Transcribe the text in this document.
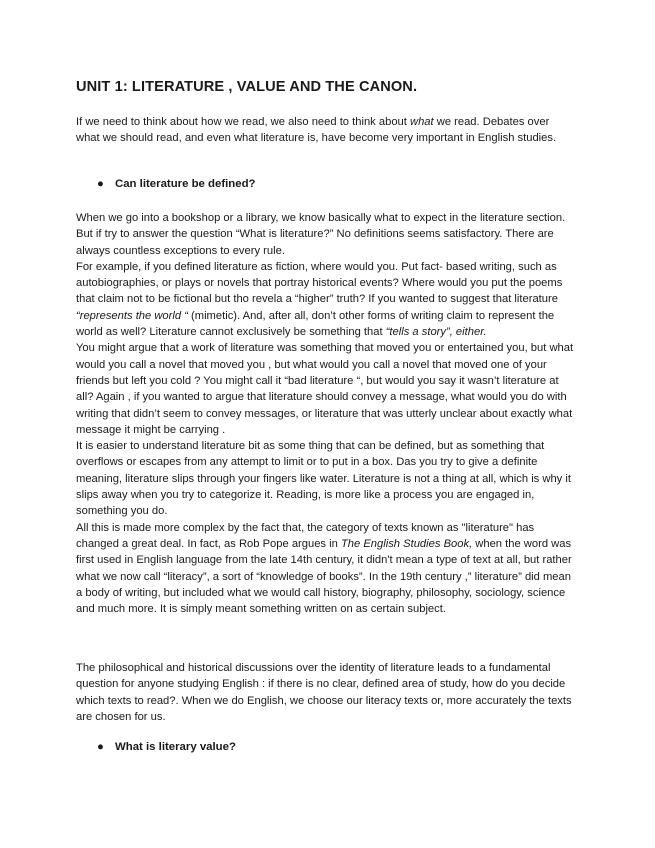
UNIT 1: LITERATURE , VALUE AND THE CANON.

If we need to think about how we read, we also need to think about what we read. Debates over what we should read, and even what literature is, have become very important in English studies.

● Can literature be defined?

When we go into a bookshop or a library, we know basically what to expect in the literature section. But if try to answer the question “What is literature?” No definitions seems satisfactory. There are always countless exceptions to every rule.
For example, if you defined literature as fiction, where would you. Put fact- based writing, such as autobiographies, or plays or novels that portray historical events? Where would you put the poems that claim not to be fictional but tho revela a “higher” truth? If you wanted to suggest that literature “represents the world “ (mimetic). And, after all, don’t other forms of writing claim to represent the world as well? Literature cannot exclusively be something that “tells a story”, either.
You might argue that a work of literature was something that moved you or entertained you, but what would you call a novel that moved you , but what would you call a novel that moved one of your friends but left you cold ? You might call it “bad literature “, but would you say it wasn’t literature at all? Again , if you wanted to argue that literature should convey a message, what would you do with writing that didn’t seem to convey messages, or literature that was utterly unclear about exactly what message it might be carrying .
It is easier to understand literature bit as some thing that can be defined, but as something that overflows or escapes from any attempt to limit or to put in a box. Das you try to give a definite meaning, literature slips through your fingers like water. Literature is not a thing at all, which is why it slips away when you try to categorize it. Reading, is more like a process you are engaged in, something you do.
All this is made more complex by the fact that, the category of texts known as "literature" has changed a great deal. In fact, as Rob Pope argues in The English Studies Book, when the word was first used in English language from the late 14th century, it didn't mean a type of text at all, but rather what we now call “literacy”, a sort of “knowledge of books”. In the 19th century ,” literature” did mean a body of writing, but included what we would call history, biography, philosophy, sociology, science and much more. It is simply meant something written on as certain subject.

The philosophical and historical discussions over the identity of literature leads to a fundamental question for anyone studying English : if there is no clear, defined area of study, how do you decide which texts to read?. When we do English, we choose our literacy texts or, more accurately the texts are chosen for us.

● What is literary value?
